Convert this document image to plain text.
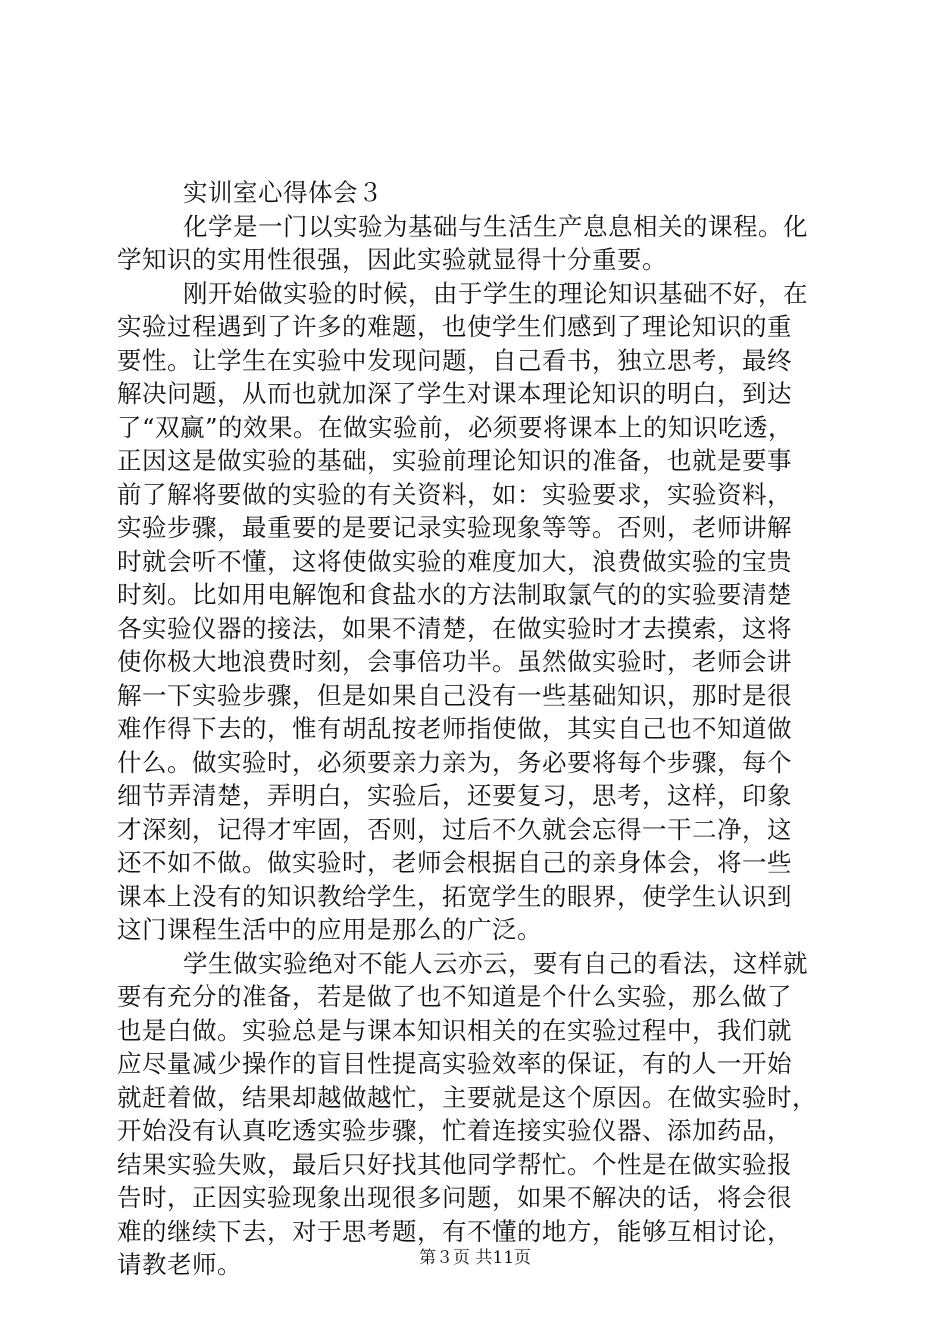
实训室心得体会３
化学是一门以实验为基础与生活生产息息相关的课程。化
学知识的实用性很强，因此实验就显得十分重要。
刚开始做实验的时候，由于学生的理论知识基础不好，在
实验过程遇到了许多的难题，也使学生们感到了理论知识的重
要性。让学生在实验中发现问题，自己看书，独立思考，最终
解决问题，从而也就加深了学生对课本理论知识的明白，到达
了“双赢”的效果。在做实验前，必须要将课本上的知识吃透，
正因这是做实验的基础，实验前理论知识的准备，也就是要事
前了解将要做的实验的有关资料，如：实验要求，实验资料，
实验步骤，最重要的是要记录实验现象等等。否则，老师讲解
时就会听不懂，这将使做实验的难度加大，浪费做实验的宝贵
时刻。比如用电解饱和食盐水的方法制取氯气的的实验要清楚
各实验仪器的接法，如果不清楚，在做实验时才去摸索，这将
使你极大地浪费时刻，会事倍功半。虽然做实验时，老师会讲
解一下实验步骤，但是如果自己没有一些基础知识，那时是很
难作得下去的，惟有胡乱按老师指使做，其实自己也不知道做
什么。做实验时，必须要亲力亲为，务必要将每个步骤，每个
细节弄清楚，弄明白，实验后，还要复习，思考，这样，印象
才深刻，记得才牢固，否则，过后不久就会忘得一干二净，这
还不如不做。做实验时，老师会根据自己的亲身体会，将一些
课本上没有的知识教给学生，拓宽学生的眼界，使学生认识到
这门课程生活中的应用是那么的广泛。
学生做实验绝对不能人云亦云，要有自己的看法，这样就
要有充分的准备，若是做了也不知道是个什么实验，那么做了
也是白做。实验总是与课本知识相关的在实验过程中，我们就
应尽量减少操作的盲目性提高实验效率的保证，有的人一开始
就赶着做，结果却越做越忙，主要就是这个原因。在做实验时，
开始没有认真吃透实验步骤，忙着连接实验仪器、添加药品，
结果实验失败，最后只好找其他同学帮忙。个性是在做实验报
告时，正因实验现象出现很多问题，如果不解决的话，将会很
难的继续下去，对于思考题，有不懂的地方，能够互相讨论，
请教老师。	第３页 共11页
